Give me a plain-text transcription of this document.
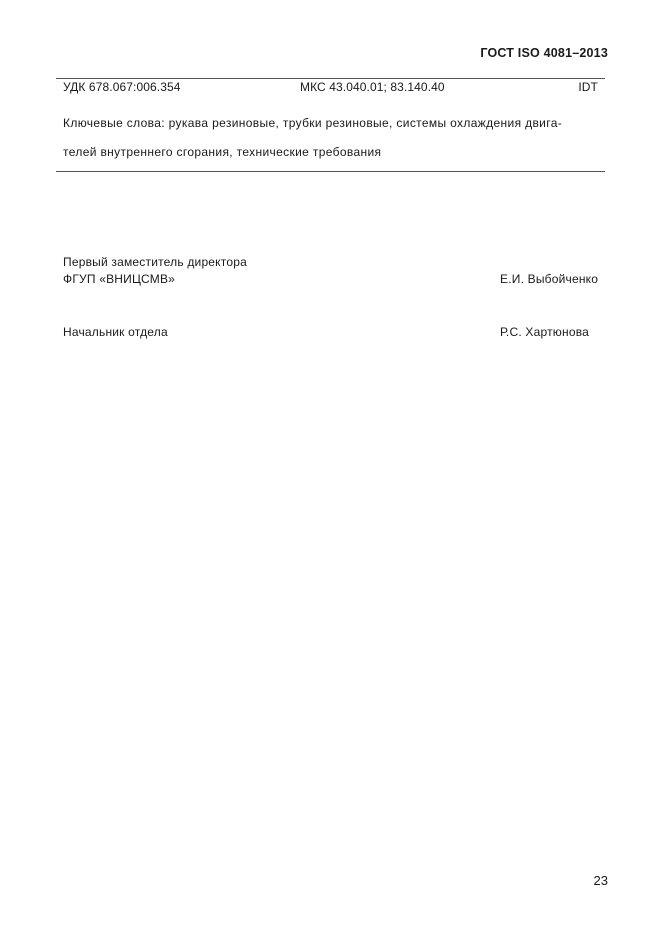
ГОСТ ISO 4081–2013
УДК 678.067:006.354	МКС 43.040.01; 83.140.40	IDT
Ключевые слова: рукава резиновые, трубки резиновые, системы охлаждения двига-
телей внутреннего сгорания, технические требования
Первый заместитель директора
ФГУП «ВНИЦСМВ»	Е.И. Выбойченко
Начальник отдела	Р.С. Хартюнова
23
